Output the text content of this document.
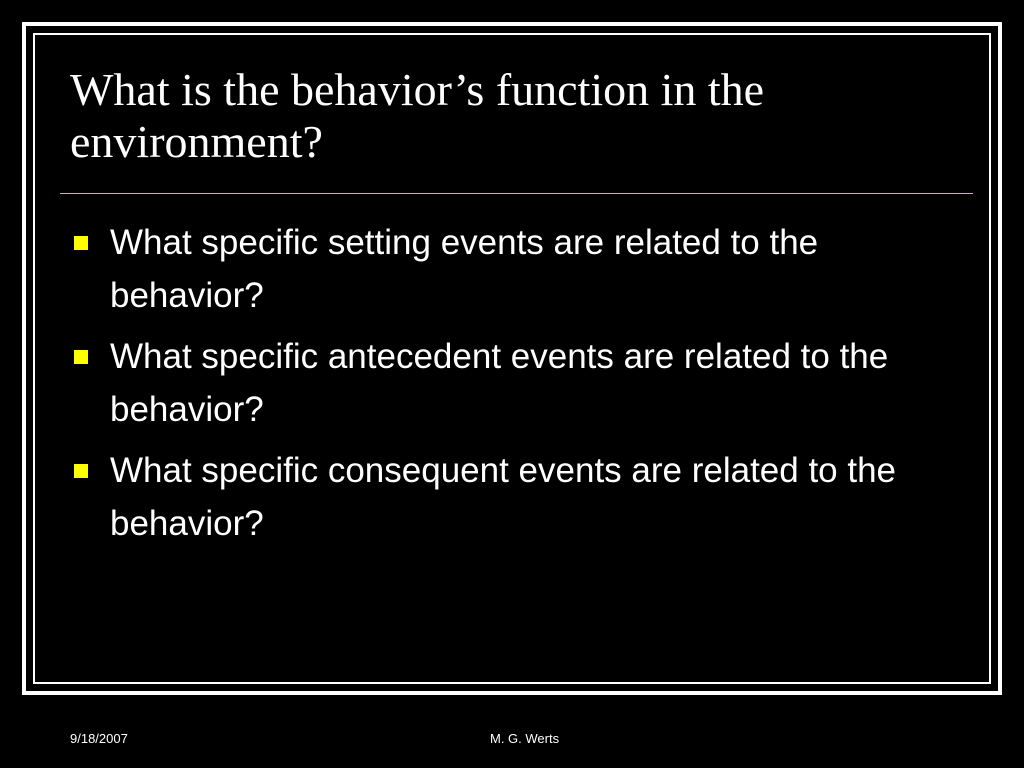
What is the behavior’s function in the environment?
What specific setting events are related to the behavior?
What specific antecedent events are related to the behavior?
What specific consequent events are related to the behavior?
9/18/2007	M. G. Werts
